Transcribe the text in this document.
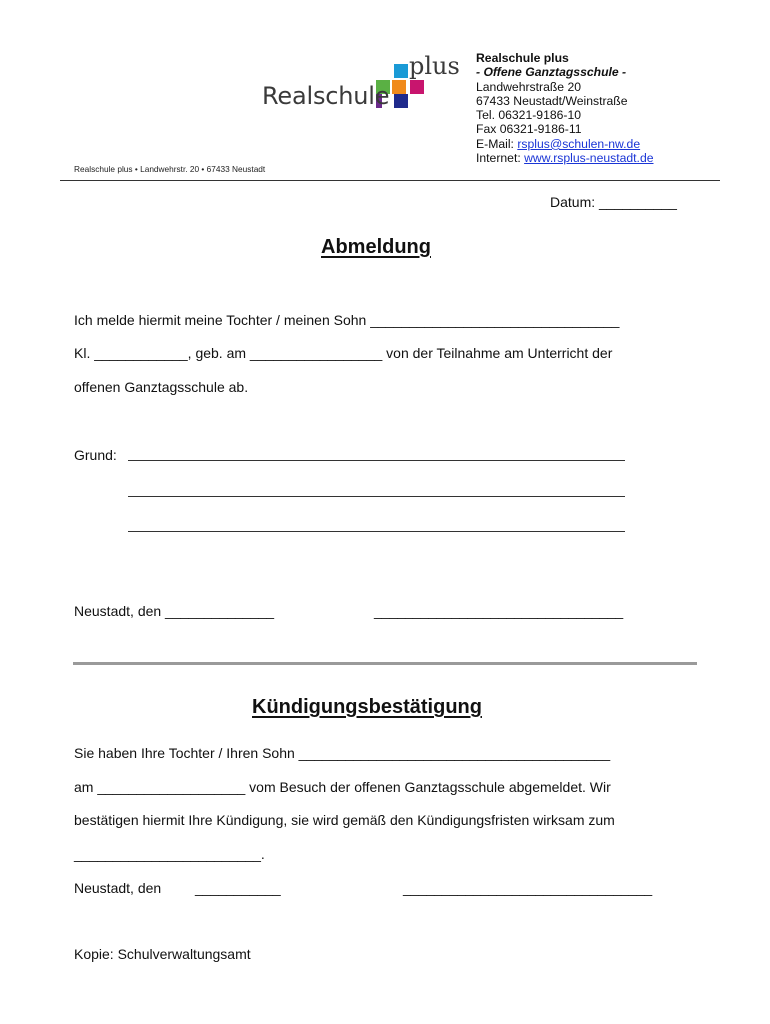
Realschule
plus Realschule plus
- Offene Ganztagsschule -
Landwehrstraße 20
67433 Neustadt/Weinstraße
Tel. 06321-9186-10
Fax 06321-9186-11
E-Mail: rsplus@schulen-nw.de
Internet: www.rsplus-neustadt.de
Realschule plus • Landwehrstr. 20 • 67433 Neustadt
Datum: __________
Abmeldung
Ich melde hiermit meine Tochter / meinen Sohn ________________________________
Kl. ____________, geb. am _________________ von der Teilnahme am Unterricht der
offenen Ganztagsschule ab.
Grund:
Neustadt, den ______________	________________________________
Kündigungsbestätigung
Sie haben Ihre Tochter / Ihren Sohn ________________________________________
am ___________________ vom Besuch der offenen Ganztagsschule abgemeldet. Wir
bestätigen hiermit Ihre Kündigung, sie wird gemäß den Kündigungsfristen wirksam zum
________________________.
Neustadt, den ___________	________________________________
Kopie: Schulverwaltungsamt
